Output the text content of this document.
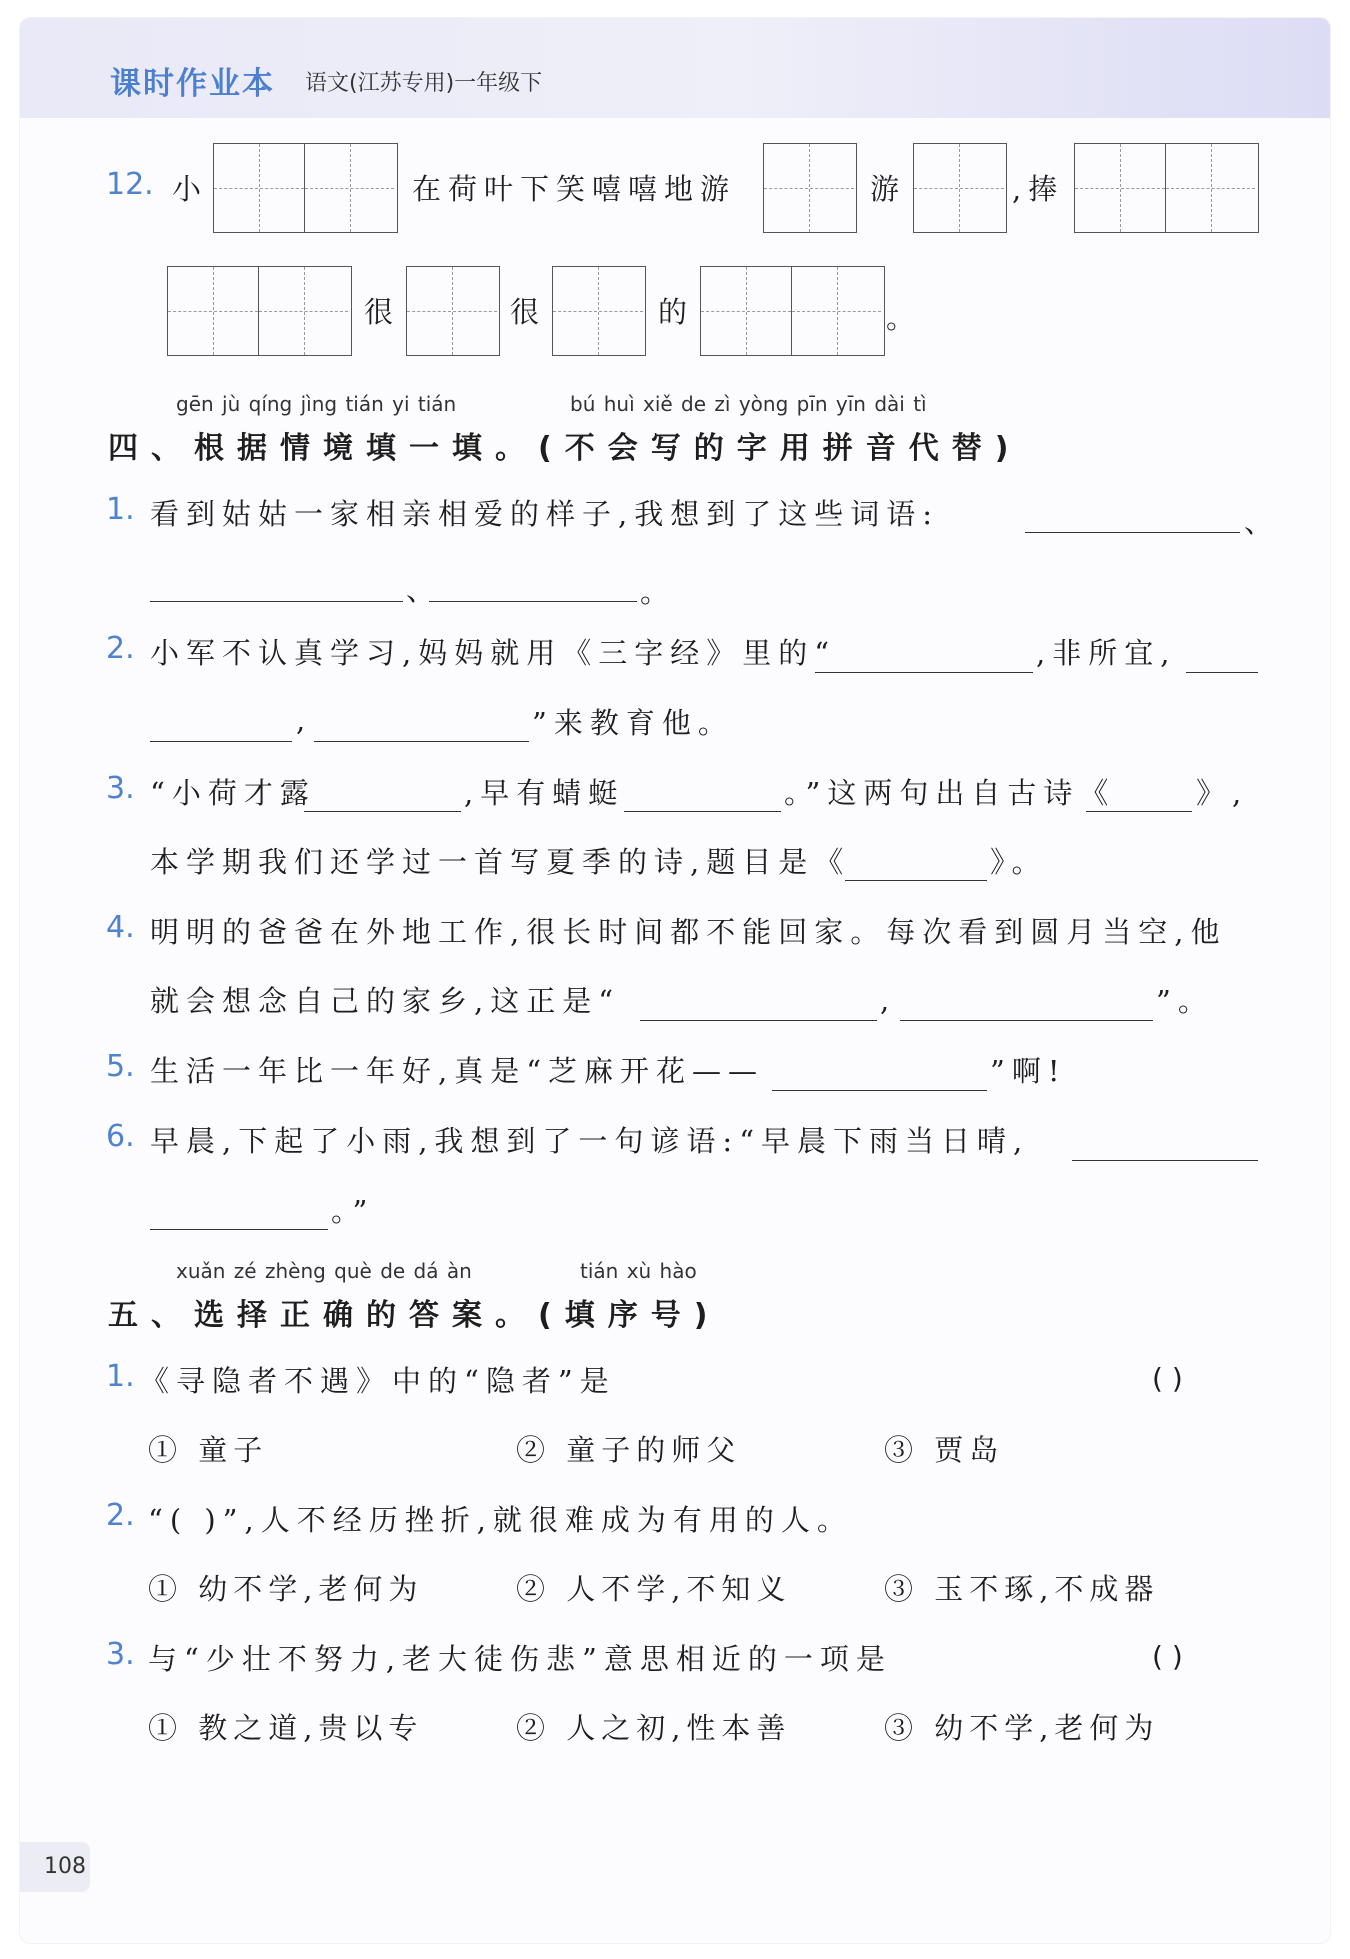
课时作业本 语文(江苏专用)一年级下
12. 小	在荷叶下笑嘻嘻地游	游	,捧
很	很	的	。
gēn jù qíng jìng tián yi tián	bú huì xiě de zì yòng pīn yīn dài tì
四、根据情境填一填。(不会写的字用拼音代替)
1. 看到姑姑一家相亲相爱的样子,我想到了这些词语:	、
、	。
2. 小军不认真学习,妈妈就用《三字经》里的“	,非所宜,
,	”来教育他。
3. “小荷才露	,早有蜻蜓	。”这两句出自古诗《	》,
本学期我们还学过一首写夏季的诗,题目是《	》。
4. 明明的爸爸在外地工作,很长时间都不能回家。每次看到圆月当空,他
就会想念自己的家乡,这正是“	,	”。
5. 生活一年比一年好,真是“芝麻开花——	”啊!
6. 早晨,下起了小雨,我想到了一句谚语:“早晨下雨当日晴,
。”
xuǎn zé zhèng què de dá àn	tián xù hào
五、选择正确的答案。(填序号)
1. 《寻隐者不遇》中的“隐者”是	( )
① 童子	② 童子的师父	③ 贾岛
2. “( )”,人不经历挫折,就很难成为有用的人。
① 幼不学,老何为	② 人不学,不知义	③ 玉不琢,不成器
3. 与“少壮不努力,老大徒伤悲”意思相近的一项是	( )
① 教之道,贵以专	② 人之初,性本善	③ 幼不学,老何为
108
